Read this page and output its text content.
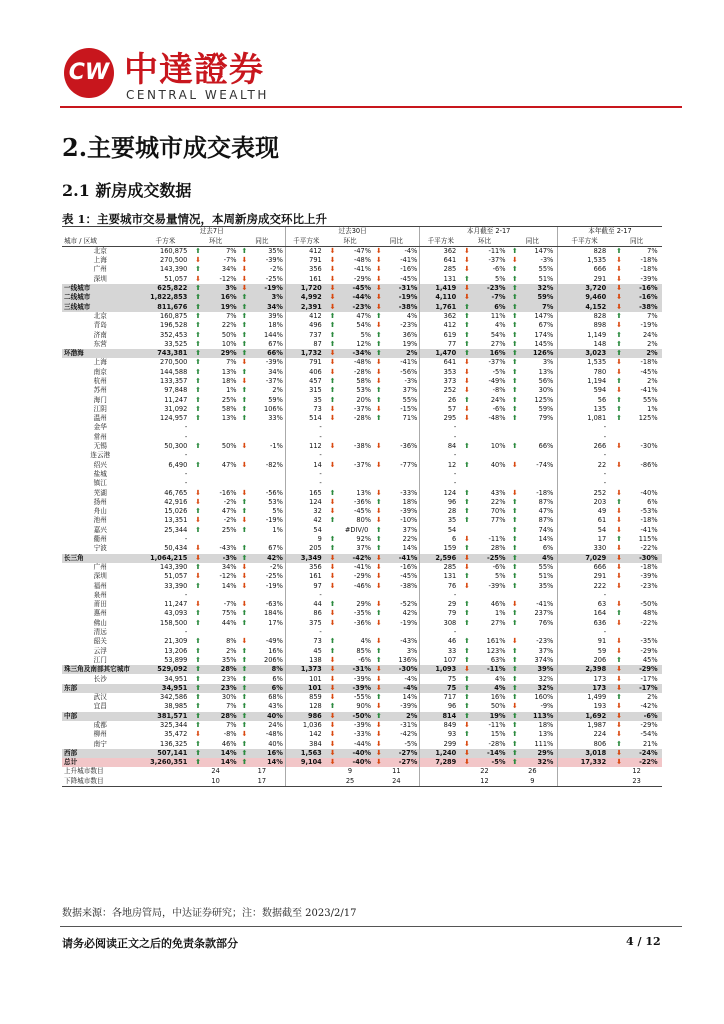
CW 中達證券
CENTRAL WEALTH
2.主要城市成交表现
2.1 新房成交数据
表 1：主要城市交易量情况，本周新房成交环比上升
	过去7日			过去30日			本月截至 2-17			本年截至 2-17	
城市 / 区域	千方米	环比	同比	千平方米	环比	同比	千平方米	环比	同比	千平方米	同比
北京	160,875	⬆ 7%	⬆ 35%	412	⬇ -47%	⬇ -4%	362	⬇ -11%	⬆ 147%	828	⬆ 7%
上海	270,500	⬇ -7%	⬇ -39%	791	⬇ -48%	⬇ -41%	641	⬇ -37%	⬇ -3%	1,535	⬇ -18%
广州	143,390	⬆ 34%	⬇ -2%	356	⬇ -41%	⬇ -16%	285	⬇ -6%	⬆ 55%	666	⬇ -18%
深圳	51,057	⬇ -12%	⬇ -25%	161	⬇ -29%	⬇ -45%	131	⬆ 5%	⬆ 51%	291	⬇ -39%
一线城市	625,822	⬆ 3%	⬇ -19%	1,720	⬇ -45%	⬇ -31%	1,419	⬇ -23%	⬆ 32%	3,720	⬇ -16%
二线城市	1,822,853	⬆ 16%	⬆ 3%	4,992	⬇ -44%	⬇ -19%	4,110	⬇ -7%	⬆ 59%	9,460	⬇ -16%
三线城市	811,676	⬆ 19%	⬆ 34%	2,391	⬇ -23%	⬇ -38%	1,761	⬆ 6%	⬆ 7%	4,152	⬇ -38%
北京	160,875	⬆ 7%	⬆ 39%	412	⬆ 47%	⬆ 4%	362	⬆ 11%	⬆ 147%	828	⬆ 7%
青岛	196,528	⬆ 22%	⬆ 18%	496	⬆ 54%	⬇ -23%	412	⬆ 4%	⬆ 67%	898	⬇ -19%
济南	352,453	⬆ 50%	⬆ 144%	737	⬆ 5%	⬆ 36%	619	⬆ 54%	⬆ 174%	1,149	⬆ 24%
东营	33,525	⬆ 10%	⬆ 67%	87	⬆ 12%	⬆ 19%	77	⬆ 27%	⬆ 145%	148	⬆ 2%
环渤海	743,381	⬆ 29%	⬆ 66%	1,732	⬇ -34%	⬆ 2%	1,470	⬆ 16%	⬆ 126%	3,023	⬆ 2%
上海	270,500	⬆ 7%	⬇ -39%	791	⬇ -48%	⬇ -41%	641	⬇ -37%	⬆ 3%	1,535	⬇ -18%
南京	144,588	⬆ 13%	⬆ 34%	406	⬇ -28%	⬇ -56%	353	⬇ -5%	⬆ 13%	780	⬇ -45%
杭州	133,357	⬆ 18%	⬇ -37%	457	⬆ 58%	⬇ -3%	373	⬇ -49%	⬆ 56%	1,194	⬆ 2%
苏州	97,848	⬆ 1%	⬆ 2%	315	⬆ 53%	⬆ 37%	252	⬇ -8%	⬆ 30%	594	⬇ -41%
海门	11,247	⬆ 25%	⬆ 59%	35	⬆ 20%	⬆ 55%	26	⬆ 24%	⬆ 125%	56	⬆ 55%
江阴	31,092	⬆ 58%	⬆ 106%	73	⬇ -37%	⬇ -15%	57	⬇ -6%	⬆ 59%	135	⬆ 1%
温州	124,957	⬆ 13%	⬆ 33%	514	⬇ -28%	⬆ 71%	295	⬇ -48%	⬆ 79%	1,081	⬆ 125%
金华	-			-			-			-	
常州	-			-			-			-	
无锡	50,300	⬆ 50%	⬇ -1%	112	⬇ -38%	⬇ -36%	84	⬆ 10%	⬆ 66%	266	⬇ -30%
连云港	-			-			-			-	
绍兴	6,490	⬆ 47%	⬇ -82%	14	⬇ -37%	⬇ -77%	12	⬆ 40%	⬇ -74%	22	⬇ -86%
盐城	-			-			-			-	
镇江	-			-			-			-	
芜湖	46,765	⬇ -16%	⬇ -56%	165	⬆ 13%	⬇ -33%	124	⬆ 43%	⬇ -18%	252	⬇ -40%
扬州	42,916	⬇ -2%	⬆ 53%	124	⬇ -36%	⬆ 18%	96	⬆ 22%	⬆ 87%	203	⬆ 6%
舟山	15,026	⬆ 47%	⬆ 5%	32	⬇ -45%	⬇ -39%	28	⬆ 70%	⬆ 47%	49	⬇ -53%
池州	13,351	⬇ -2%	⬇ -19%	42	⬆ 80%	⬇ -10%	35	⬆ 77%	⬆ 87%	61	⬇ -18%
嘉兴	25,344	⬆ 25%	⬆ 1%	54	#DIV/0	⬆ 37%	54		⬆ 74%	54	⬇ -41%
衢州	-			9	⬆ 92%	⬆ 22%	6	⬇ -11%	⬆ 14%	17	⬆ 115%
宁波	50,434	⬇ -43%	⬆ 67%	205	⬆ 37%	⬆ 14%	159	⬆ 28%	⬆ 6%	330	⬇ -22%
长三角	1,064,215	⬇ -3%	⬆ 42%	3,349	⬇ -42%	⬇ -41%	2,596	⬇ -25%	⬆ 4%	7,029	⬇ -30%
广州	143,390	⬆ 34%	⬇ -2%	356	⬇ -41%	⬇ -16%	285	⬇ -6%	⬆ 55%	666	⬇ -18%
深圳	51,057	⬇ -12%	⬇ -25%	161	⬇ -29%	⬇ -45%	131	⬆ 5%	⬆ 51%	291	⬇ -39%
福州	33,390	⬆ 14%	⬇ -19%	97	⬇ -46%	⬇ -38%	76	⬇ -39%	⬆ 35%	222	⬇ -23%
泉州	-			-			-			-	
莆田	11,247	⬇ -7%	⬇ -63%	44	⬆ 29%	⬇ -52%	29	⬆ 46%	⬇ -41%	63	⬇ -50%
惠州	43,093	⬆ 75%	⬆ 184%	86	⬇ -35%	⬆ 42%	79	⬆ 1%	⬆ 237%	164	⬆ 48%
佛山	158,500	⬆ 44%	⬆ 17%	375	⬇ -36%	⬇ -19%	308	⬆ 27%	⬆ 76%	636	⬇ -22%
清远	-			-			-			-	
韶关	21,309	⬆ 8%	⬇ -49%	73	⬆ 4%	⬇ -43%	46	⬆ 161%	⬇ -23%	91	⬇ -35%
云浮	13,206	⬆ 2%	⬆ 16%	45	⬆ 85%	⬆ 3%	33	⬆ 123%	⬆ 37%	59	⬇ -29%
江门	53,899	⬆ 35%	⬆ 206%	138	⬇ -6%	⬆ 136%	107	⬆ 63%	⬆ 374%	206	⬆ 45%
珠三角及南部其它城市	529,092	⬆ 28%	⬆ 8%	1,373	⬇ -31%	⬇ -30%	1,093	⬇ -11%	⬆ 39%	2,398	⬇ -29%
长沙	34,951	⬆ 23%	⬆ 6%	101	⬇ -39%	⬇ -4%	75	⬆ 4%	⬆ 32%	173	⬇ -17%
东部	34,951	⬆ 23%	⬆ 6%	101	⬇ -39%	⬇ -4%	75	⬆ 4%	⬆ 32%	173	⬇ -17%
武汉	342,586	⬆ 30%	⬆ 68%	859	⬇ -55%	⬆ 14%	717	⬆ 16%	⬆ 160%	1,499	⬆ 2%
宜昌	38,985	⬆ 7%	⬆ 43%	128	⬆ 90%	⬇ -39%	96	⬆ 50%	⬇ -9%	193	⬇ -42%
中部	381,571	⬆ 28%	⬆ 40%	986	⬇ -50%	⬆ 2%	814	⬆ 19%	⬆ 113%	1,692	⬇ -6%
成都	325,344	⬆ 7%	⬆ 24%	1,036	⬇ -39%	⬇ -31%	849	⬇ -11%	⬆ 18%	1,987	⬇ -29%
柳州	35,472	⬇ -8%	⬇ -48%	142	⬇ -33%	⬇ -42%	93	⬆ 15%	⬆ 13%	224	⬇ -54%
南宁	136,325	⬆ 46%	⬆ 40%	384	⬇ -44%	⬇ -5%	299	⬇ -28%	⬆ 111%	806	⬆ 21%
西部	507,141	⬆ 14%	⬆ 16%	1,563	⬇ -40%	⬇ -27%	1,240	⬇ -14%	⬆ 29%	3,018	⬇ -24%
总计	3,260,351	⬆ 14%	⬆ 14%	9,104	⬇ -40%	⬇ -27%	7,289	⬇ -5%	⬆ 32%	17,332	⬇ -22%
上升城市数目		24	17		9	11		22	26		12
下降城市数目		10	17		25	24		12	9		23
数据来源：各地房管局，中达证券研究；注：数据截至 2023/2/17
请务必阅读正文之后的免责条款部分	4 / 12
